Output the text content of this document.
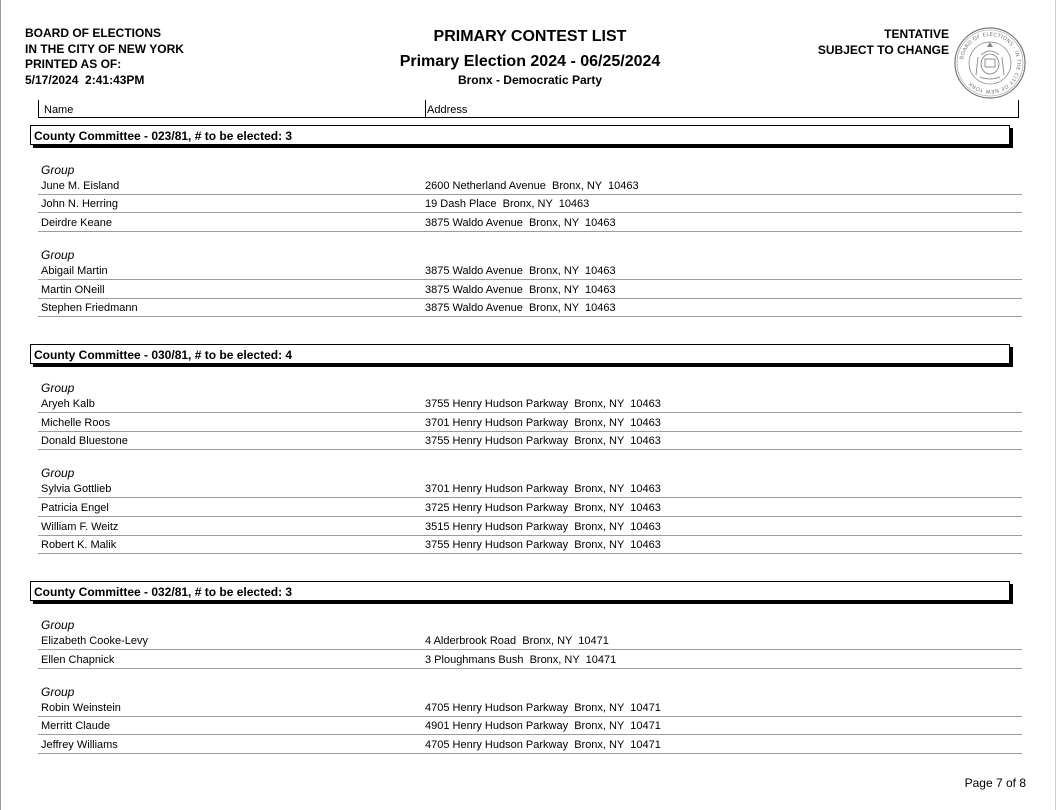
BOARD OF ELECTIONS
IN THE CITY OF NEW YORK
PRINTED AS OF:
5/17/2024  2:41:43PM
PRIMARY CONTEST LIST
Primary Election 2024 - 06/25/2024
Bronx - Democratic Party
TENTATIVE
SUBJECT TO CHANGE
BOARD OF ELECTIONS · IN THE CITY OF NEW YORK
Name	Address
County Committee - 023/81, # to be elected: 3
Group
June M. Eisland	2600 Netherland Avenue  Bronx, NY  10463
John N. Herring	19 Dash Place  Bronx, NY  10463
Deirdre Keane	3875 Waldo Avenue  Bronx, NY  10463
Group
Abigail Martin	3875 Waldo Avenue  Bronx, NY  10463
Martin ONeill	3875 Waldo Avenue  Bronx, NY  10463
Stephen Friedmann	3875 Waldo Avenue  Bronx, NY  10463
County Committee - 030/81, # to be elected: 4
Group
Aryeh Kalb	3755 Henry Hudson Parkway  Bronx, NY  10463
Michelle Roos	3701 Henry Hudson Parkway  Bronx, NY  10463
Donald Bluestone	3755 Henry Hudson Parkway  Bronx, NY  10463
Group
Sylvia Gottlieb	3701 Henry Hudson Parkway  Bronx, NY  10463
Patricia Engel	3725 Henry Hudson Parkway  Bronx, NY  10463
William F. Weitz	3515 Henry Hudson Parkway  Bronx, NY  10463
Robert K. Malik	3755 Henry Hudson Parkway  Bronx, NY  10463
County Committee - 032/81, # to be elected: 3
Group
Elizabeth Cooke-Levy	4 Alderbrook Road  Bronx, NY  10471
Ellen Chapnick	3 Ploughmans Bush  Bronx, NY  10471
Group
Robin Weinstein	4705 Henry Hudson Parkway  Bronx, NY  10471
Merritt Claude	4901 Henry Hudson Parkway  Bronx, NY  10471
Jeffrey Williams	4705 Henry Hudson Parkway  Bronx, NY  10471
Page 7 of 8
